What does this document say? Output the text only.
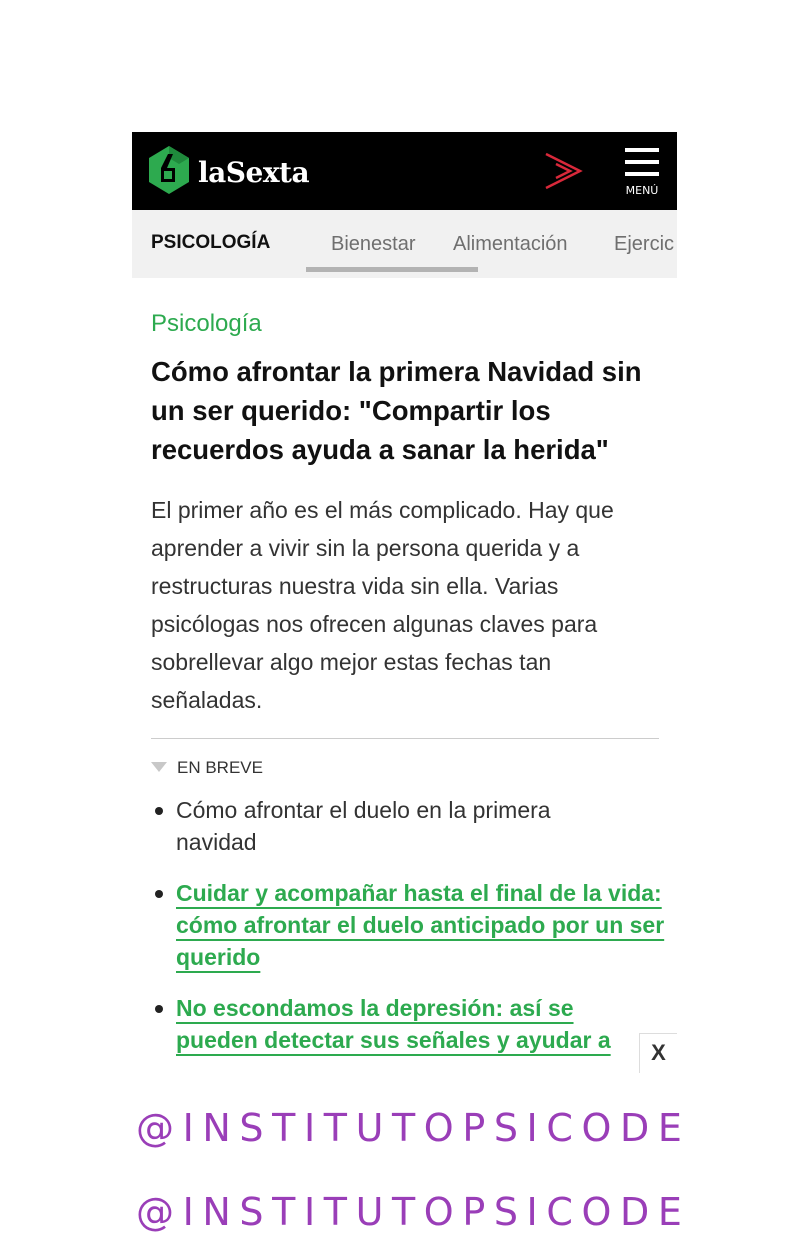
laSexta
MENÚ
PSICOLOGÍA	Bienestar Alimentación Ejercic
Psicología
Cómo afrontar la primera Navidad sin un ser querido: "Compartir los recuerdos ayuda a sanar la herida"

El primer año es el más complicado. Hay que aprender a vivir sin la persona querida y a restructuras nuestra vida sin ella. Varias psicólogas nos ofrecen algunas claves para sobrellevar algo mejor estas fechas tan señaladas.

EN BREVE
Cómo afrontar el duelo en la primera navidad
Cuidar y acompañar hasta el final de la vida: cómo afrontar el duelo anticipado por un ser querido
No escondamos la depresión: así se pueden detectar sus señales y ayudar a	X
@INSTITUTOPSICODE
@INSTITUTOPSICODE
